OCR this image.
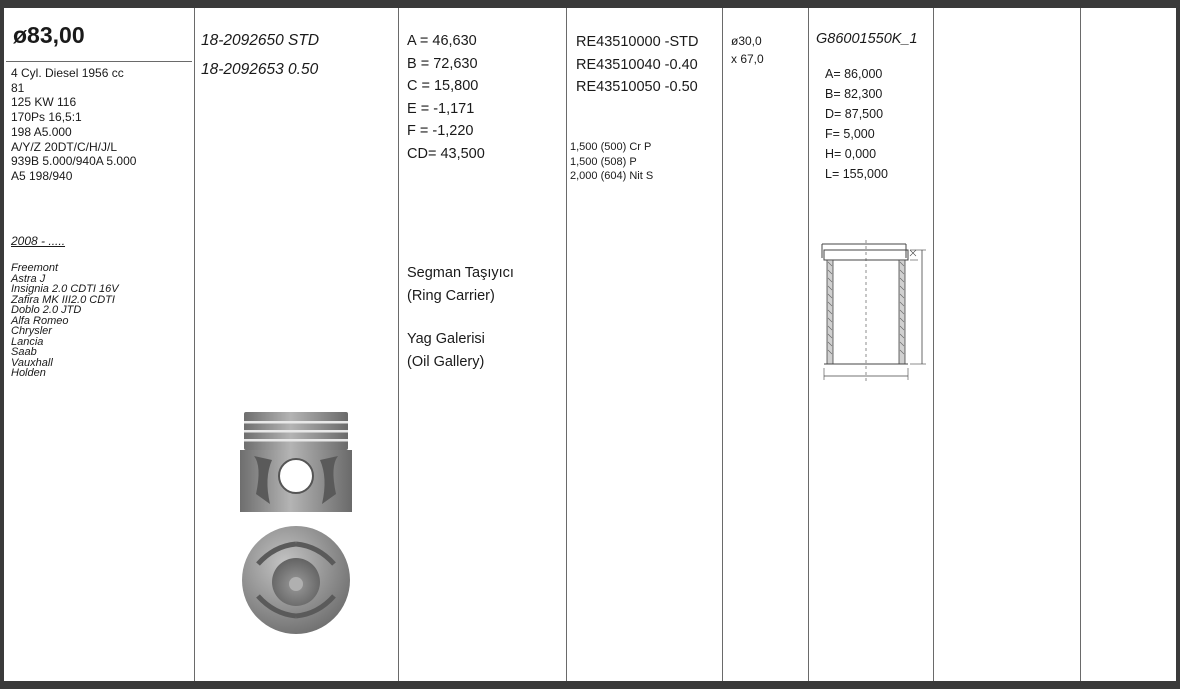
ø83,00
4 Cyl. Diesel 1956 cc
81
125 KW 116
170Ps 16,5:1
198 A5.000
A/Y/Z 20DT/C/H/J/L
939B 5.000/940A 5.000
A5 198/940
2008 - .....
Freemont
Astra J
Insignia 2.0 CDTI 16V
Zafira MK III2.0 CDTI
Doblo 2.0 JTD
Alfa Romeo
Chrysler
Lancia
Saab
Vauxhall
Holden
18-2092650 STD
18-2092653 0.50
A = 46,630
B = 72,630
C = 15,800
E = -1,171
F = -1,220
CD= 43,500
Segman Taşıyıcı
(Ring Carrier)
Yag Galerisi
(Oil Gallery)
RE43510000 -STD
RE43510040 -0.40
RE43510050 -0.50
1,500 (500) Cr P
1,500 (508) P
2,000 (604) Nit S
ø30,0
x 67,0
G86001550K_1
A= 86,000
B= 82,300
D= 87,500
F= 5,000
H= 0,000
L= 155,000
